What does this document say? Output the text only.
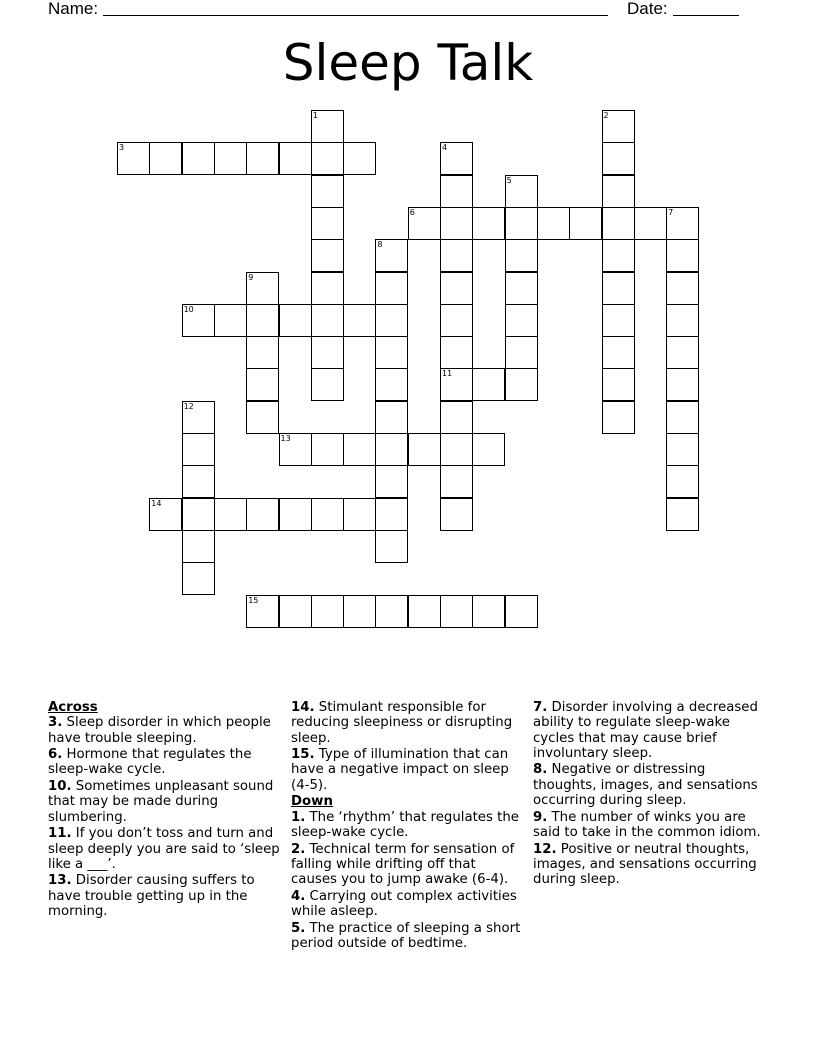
Name:	Date:
Sleep Talk
3
6	7
10
11
13
14
15
1	2
4
5
8
9
12
Across
3. Sleep disorder in which people have trouble sleeping.
6. Hormone that regulates the sleep-wake cycle.
10. Sometimes unpleasant sound that may be made during slumbering.
11. If you don’t toss and turn and sleep deeply you are said to ‘sleep like a ___’.
13. Disorder causing suffers to have trouble getting up in the morning.
14. Stimulant responsible for reducing sleepiness or disrupting sleep.
15. Type of illumination that can have a negative impact on sleep (4-5).
Down
1. The ‘rhythm’ that regulates the sleep-wake cycle.
2. Technical term for sensation of falling while drifting off that causes you to jump awake (6-4).
4. Carrying out complex activities while asleep.
5. The practice of sleeping a short period outside of bedtime.
7. Disorder involving a decreased ability to regulate sleep-wake cycles that may cause brief involuntary sleep.
8. Negative or distressing thoughts, images, and sensations occurring during sleep.
9. The number of winks you are said to take in the common idiom.
12. Positive or neutral thoughts, images, and sensations occurring during sleep.
